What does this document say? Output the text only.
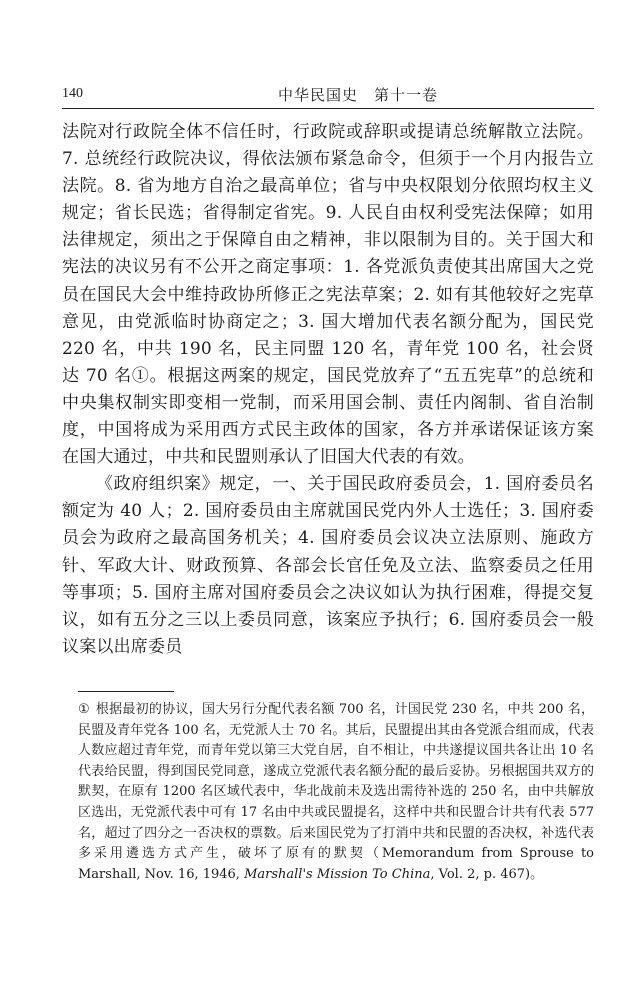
140	中华民国史　第十一卷

法院对行政院全体不信任时，行政院或辞职或提请总统解散立法院。7. 总统经行政院决议，得依法颁布紧急命令，但须于一个月内报告立法院。8. 省为地方自治之最高单位；省与中央权限划分依照均权主义规定；省长民选；省得制定省宪。9. 人民自由权利受宪法保障；如用法律规定，须出之于保障自由之精神，非以限制为目的。关于国大和宪法的决议另有不公开之商定事项：1. 各党派负责使其出席国大之党员在国民大会中维持政协所修正之宪法草案；2. 如有其他较好之宪草意见，由党派临时协商定之；3. 国大增加代表名额分配为，国民党 220 名，中共 190 名，民主同盟 120 名，青年党 100 名，社会贤达 70 名①。根据这两案的规定，国民党放弃了“五五宪草”的总统和中央集权制实即变相一党制，而采用国会制、责任内阁制、省自治制度，中国将成为采用西方式民主政体的国家，各方并承诺保证该方案在国大通过，中共和民盟则承认了旧国大代表的有效。

《政府组织案》规定，一、关于国民政府委员会，1. 国府委员名额定为 40 人；2. 国府委员由主席就国民党内外人士选任；3. 国府委员会为政府之最高国务机关；4. 国府委员会议决立法原则、施政方针、军政大计、财政预算、各部会长官任免及立法、监察委员之任用等事项；5. 国府主席对国府委员会之决议如认为执行困难，得提交复议，如有五分之三以上委员同意，该案应予执行；6. 国府委员会一般议案以出席委员

① 根据最初的协议，国大另行分配代表名额 700 名，计国民党 230 名，中共 200 名，民盟及青年党各 100 名，无党派人士 70 名。其后，民盟提出其由各党派合组而成，代表人数应超过青年党，而青年党以第三大党自居，自不相让，中共遂提议国共各让出 10 名代表给民盟，得到国民党同意，遂成立党派代表名额分配的最后妥协。另根据国共双方的默契，在原有 1200 名区域代表中，华北战前未及选出需待补选的 250 名，由中共解放区选出，无党派代表中可有 17 名由中共或民盟提名，这样中共和民盟合计共有代表 577 名，超过了四分之一否决权的票数。后来国民党为了打消中共和民盟的否决权，补选代表多采用遴选方式产生，破坏了原有的默契（Memorandum from Sprouse to Marshall, Nov. 16, 1946, Marshall's Mission To China, Vol. 2, p. 467)。
